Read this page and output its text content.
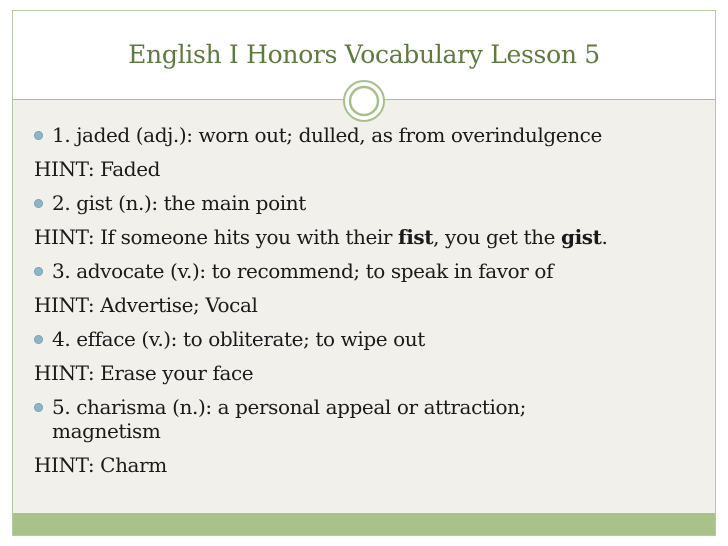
English I Honors Vocabulary Lesson 5
1. jaded (adj.): worn out; dulled, as from overindulgence
HINT: Faded
2. gist (n.): the main point
HINT: If someone hits you with their fist, you get the gist.
3. advocate (v.): to recommend; to speak in favor of
HINT: Advertise; Vocal
4. efface (v.): to obliterate; to wipe out
HINT: Erase your face
5. charisma (n.): a personal appeal or attraction;
magnetism
HINT: Charm
